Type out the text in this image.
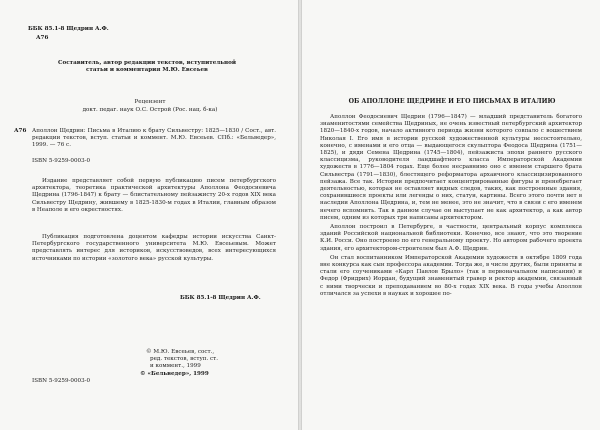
ББК 85.1-8 Щедрин А.Ф.
А76
Составитель, автор редакции текстов, вступительной статьи и комментария М.Ю. Евсеьев
Рецензент
докт. педаг. наук О.С. Острой (Рос. нац. б-ка)
А76 Аполлон Щедрин: Письма в Италию к брату Сильвестру: 1825—1830 / Сост., авт. редакции текстов, вступ. статьи и коммент. М.Ю. Евсеьев. СПб.: «Бельведер», 1999. — 76 с.
ISBN 5-9259-0003-0
Издание представляет собой первую публикацию писем петербургского архитектора, теоретика практической архитектуры Аполлона Феодосиевича Щедрина (1796-1847) к брату — блистательному пейзажисту 20-х годов XIX века Сильвестру Щедрину, жившему в 1825-1830-м годах в Италии, главным образом в Неаполе и его окрестностях.
Публикация подготовлена доцентом кафедры истории искусства Санкт-Петербургского государственного университета М.Ю. Евсеьевым. Может представлять интерес для историков, искусствоведов, всех интересующихся источниками по истории «золотого века» русской культуры.
ББК 85.1-8 Щедрин А.Ф.
ISBN 5-9259-0003-0
© М.Ю. Евсеьев, сост.,
ред. текстов, вступ. ст.
и коммент., 1999
© «Бельведер», 1999
ОБ АПОЛЛОНЕ ЩЕДРИНЕ И ЕГО ПИСЬМАХ В ИТАЛИЮ

Аполлон Феодосиевич Щедрин (1796—1847) — младший представитель богатого знаменитостями семейства Щедриных, не очень известный петербургский архитектор 1820—1840-х годов, начало активного периода жизни которого совпало с вошествием Николая I. Его имя в истории русской художественной культуры несостоятельно, конечно, с именами и его отца — выдающегося скульптора Феодоса Щедрина (1751—1825), и дяди Семена Щедрина (1745—1804), пейзажиста эпохи раннего русского классицизма, руководителя ландшафтного класса Императорской Академии художеств в 1776—1804 годах. Еще более несравнимо оно с именем старшего брата Сильвестра (1791—1830), блестящего реформатора архаичного классицизированного пейзажа. Все так. Истории предпочитает концентрированные фигуры и пренебрегает деятельностью, которая не оставляет видных следов, таких, как построенные здания, сохранившиеся проекты или легенды о них, статуи, картины. Всего этого почти нет в наследии Аполлона Щедрина, и, тем не менее, это не значит, что в связи с его именем нечего вспомнить. Так в данном случае он выступает не как архитектор, а как автор писем, одним из которых три написаны архитектором.

Аполлон построил в Петербурге, в частности, центральный корпус комплекса зданий Российской национальной библиотеки. Конечно, все знают, что это творение К.И. Росси. Оно построено по его генеральному проекту. Но автором рабочего проекта здания, его архитектором-строителем был А.Ф. Щедрин.

Он стал воспитанником Императорской Академии художеств в октябре 1809 года вне конкурса как сын профессора академии. Тогда же, в числе других, были приняты и стали его соучениками «Карл Павлов Брыло» (так в первоначальном написании) и Федор (Фридрих) Иордан, будущий знаменитый гравер и ректор академии, связанный с ними творчески и преподаванием во 80-х годах XIX века. В годы учебы Аполлон отличался за успехи в науках и хорошее по-
